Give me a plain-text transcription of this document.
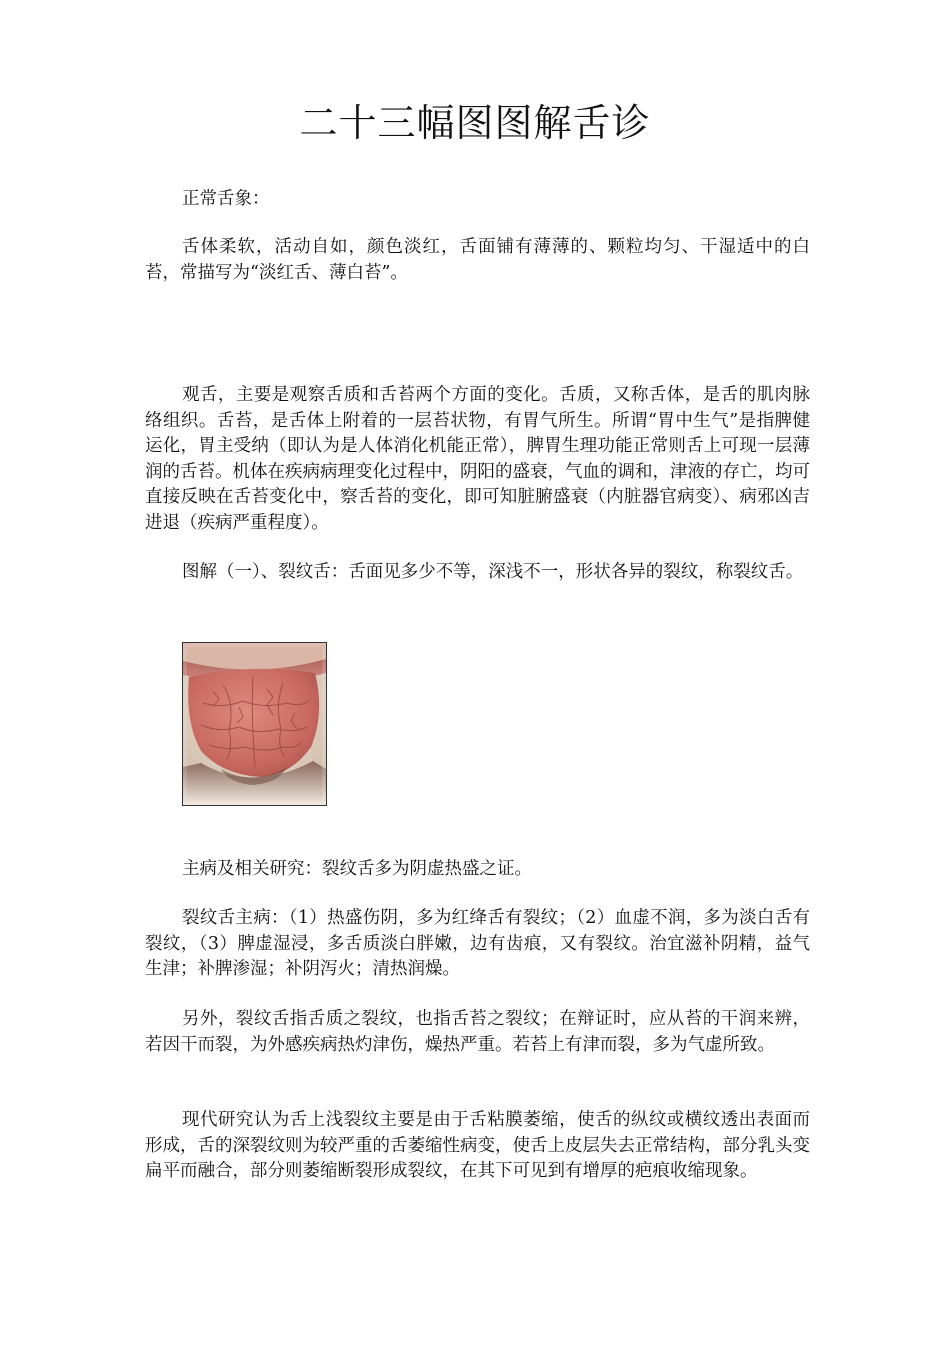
二十三幅图图解舌诊

正常舌象：

舌体柔软，活动自如，颜色淡红，舌面铺有薄薄的、颗粒均匀、干湿适中的白苔，常描写为“淡红舌、薄白苔”。

观舌，主要是观察舌质和舌苔两个方面的变化。舌质，又称舌体，是舌的肌肉脉络组织。舌苔，是舌体上附着的一层苔状物，有胃气所生。所谓“胃中生气”是指脾健运化，胃主受纳（即认为是人体消化机能正常），脾胃生理功能正常则舌上可现一层薄润的舌苔。机体在疾病病理变化过程中，阴阳的盛衰，气血的调和，津液的存亡，均可直接反映在舌苔变化中，察舌苔的变化，即可知脏腑盛衰（内脏器官病变）、病邪凶吉进退（疾病严重程度）。

图解（一）、裂纹舌：舌面见多少不等，深浅不一，形状各异的裂纹，称裂纹舌。

主病及相关研究：裂纹舌多为阴虚热盛之证。

裂纹舌主病：（1）热盛伤阴，多为红绛舌有裂纹；（2）血虚不润，多为淡白舌有裂纹，（3）脾虚湿浸，多舌质淡白胖嫩，边有齿痕，又有裂纹。治宜滋补阴精，益气生津；补脾渗湿；补阴泻火；清热润燥。

另外，裂纹舌指舌质之裂纹，也指舌苔之裂纹；在辩证时，应从苔的干润来辨，若因干而裂，为外感疾病热灼津伤，燥热严重。若苔上有津而裂，多为气虚所致。

现代研究认为舌上浅裂纹主要是由于舌粘膜萎缩，使舌的纵纹或横纹透出表面而形成，舌的深裂纹则为较严重的舌萎缩性病变，使舌上皮层失去正常结构，部分乳头变扁平而融合，部分则萎缩断裂形成裂纹，在其下可见到有增厚的疤痕收缩现象。
